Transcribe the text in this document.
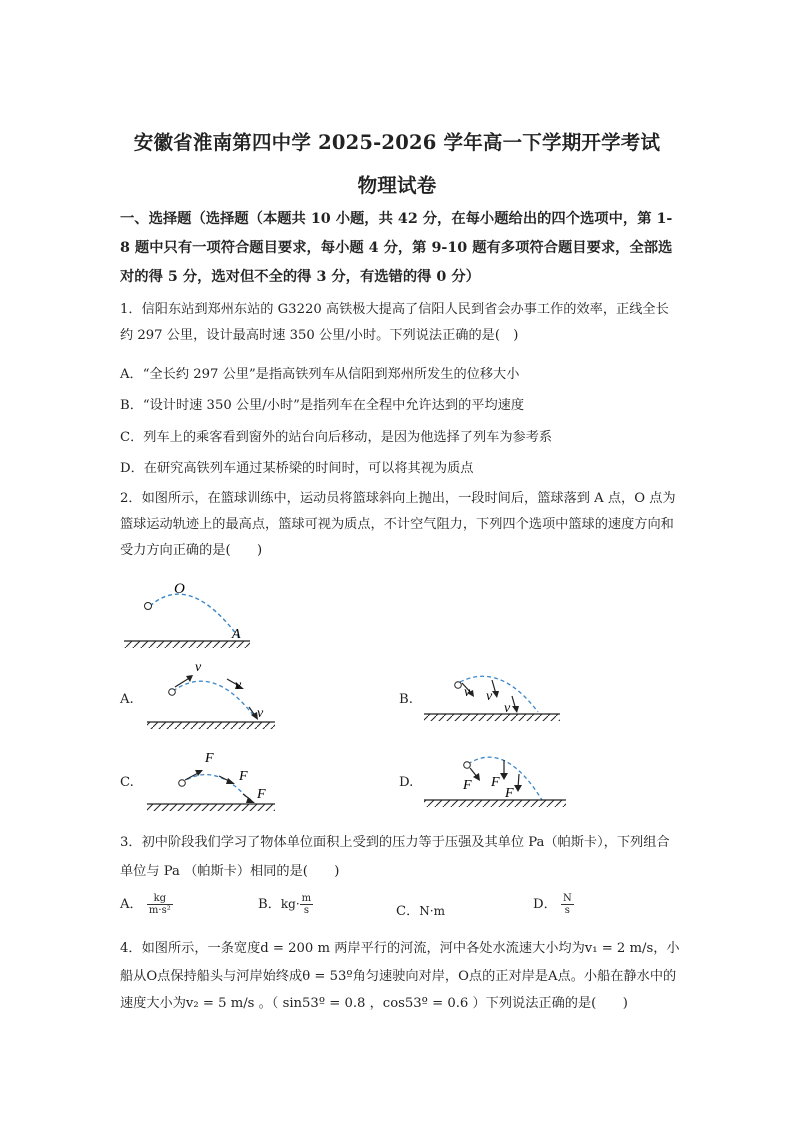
安徽省淮南第四中学 2025-2026 学年高一下学期开学考试
物理试卷
一、选择题（选择题（本题共 10 小题，共 42 分，在每小题给出的四个选项中，第 1-8 题中只有一项符合题目要求，每小题 4 分，第 9-10 题有多项符合题目要求，全部选对的得 5 分，选对但不全的得 3 分，有选错的得 0 分）
1．信阳东站到郑州东站的 G3220 高铁极大提高了信阳人民到省会办事工作的效率，正线全长约 297 公里，设计最高时速 350 公里/小时。下列说法正确的是(　)
A．“全长约 297 公里”是指高铁列车从信阳到郑州所发生的位移大小
B．“设计时速 350 公里/小时”是指列车在全程中允许达到的平均速度
C．列车上的乘客看到窗外的站台向后移动，是因为他选择了列车为参考系
D．在研究高铁列车通过某桥梁的时间时，可以将其视为质点
2．如图所示，在篮球训练中，运动员将篮球斜向上抛出，一段时间后，篮球落到 A 点，O 点为篮球运动轨迹上的最高点，篮球可视为质点，不计空气阻力，下列四个选项中篮球的速度方向和受力方向正确的是(　　)
O
A
A.
v
v
v
B.	v v
v
C.
F
F
F
D.	F F
F
3．初中阶段我们学习了物体单位面积上受到的压力等于压强及其单位 Pa（帕斯卡），下列组合单位与 Pa （帕斯卡）相同的是(　　)
A． $\frac{kg}{\text{m·s²}}$	B．$kg\cdot \frac{m}{s}$	C．N·m	D． $\frac{N}{s}$
4．如图所示，一条宽度d = 200 m 两岸平行的河流，河中各处水流速大小均为v₁ = 2 m/s，小船从O点保持船头与河岸始终成θ = 53º角匀速驶向对岸，O点的正对岸是A点。小船在静水中的速度大小为v₂ = 5 m/s 。（ sin53º = 0.8 ，cos53º = 0.6 ）下列说法正确的是(　　)
